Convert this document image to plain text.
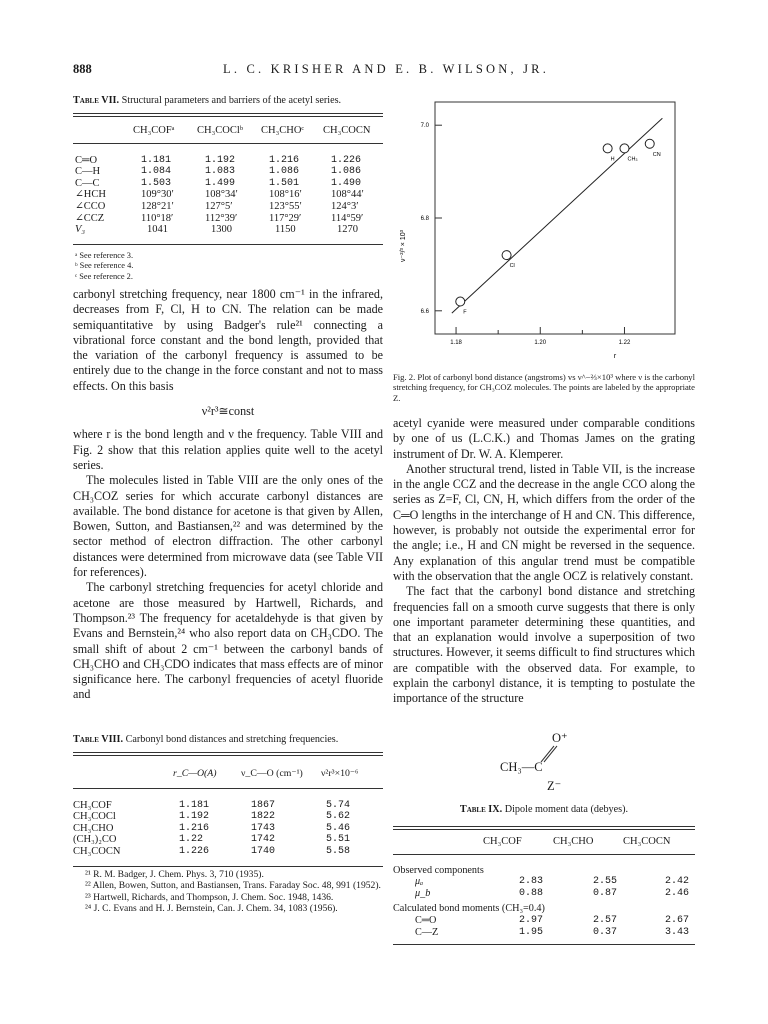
888	L. C. KRISHER AND E. B. WILSON, JR.
Table VII. Structural parameters and barriers of the acetyl series.
	CH₃COFᵃ	CH₃COClᵇ	CH₃CHOᶜ	CH₃COCN
C═O	1.181	1.192	1.216	1.226
C—H	1.084	1.083	1.086	1.086
C—C	1.503	1.499	1.501	1.490
∠HCH	109°30′	108°34′	108°16′	108°44′
∠CCO	128°21′	127°5′	123°55′	124°3′
∠CCZ	110°18′	112°39′	117°29′	114°59′
V₃	1041	1300	1150	1270
ᵃ See reference 3.
ᵇ See reference 4.
ᶜ See reference 2.

carbonyl stretching frequency, near 1800 cm⁻¹ in the infrared, decreases from F, Cl, H to CN. The relation can be made semiquantitative by using Badger's rule²¹ connecting a vibrational force constant and the bond length, provided that the variation of the carbonyl frequency is assumed to be entirely due to the change in the force constant and not to mass effects. On this basis

ν²r³≅const

where r is the bond length and ν the frequency. Table VIII and Fig. 2 show that this relation applies quite well to the acetyl series.

The molecules listed in Table VIII are the only ones of the CH₃COZ series for which accurate carbonyl distances are available. The bond distance for acetone is that given by Allen, Bowen, Sutton, and Bastiansen,²² and was determined by the sector method of electron diffraction. The other carbonyl distances were determined from microwave data (see Table VII for references).

The carbonyl stretching frequencies for acetyl chloride and acetone are those measured by Hartwell, Richards, and Thompson.²³ The frequency for acetaldehyde is that given by Evans and Bernstein,²⁴ who also report data on CH₃CDO. The small shift of about 2 cm⁻¹ between the carbonyl bands of CH₃CHO and CH₃CDO indicates that mass effects are of minor significance here. The carbonyl frequencies of acetyl fluoride and

Table VIII. Carbonyl bond distances and stretching frequencies.
	r_C—O(A)	ν_C—O (cm⁻¹)	ν²r³×10⁻⁶
CH₃COF	1.181	1867	5.74
CH₃COCl	1.192	1822	5.62
CH₃CHO	1.216	1743	5.46
(CH₃)₂CO	1.22	1742	5.51
CH₃COCN	1.226	1740	5.58

²¹ R. M. Badger, J. Chem. Phys. 3, 710 (1935).

²² Allen, Bowen, Sutton, and Bastiansen, Trans. Faraday Soc. 48, 991 (1952).

²³ Hartwell, Richards, and Thompson, J. Chem. Soc. 1948, 1436.

²⁴ J. C. Evans and H. J. Bernstein, Can. J. Chem. 34, 1083 (1956).

7.0
6.8
6.6
1.18	1.20	1.22
F
Cl
H CH₃
CN
ν⁻²/³ × 10³
r
Fig. 2. Plot of carbonyl bond distance (angstroms) vs ν^−⅔×10³ where ν is the carbonyl stretching frequency, for CH₃COZ molecules. The points are labeled by the appropriate Z.

acetyl cyanide were measured under comparable conditions by one of us (L.C.K.) and Thomas James on the grating instrument of Dr. W. A. Klemperer.

Another structural trend, listed in Table VII, is the increase in the angle CCZ and the decrease in the angle CCO along the series as Z=F, Cl, CN, H, which differs from the order of the C═O lengths in the interchange of H and CN. This difference, however, is probably not outside the experimental error for the angle; i.e., H and CN might be reversed in the sequence. Any explanation of this angular trend must be compatible with the observation that the angle OCZ is relatively constant.

The fact that the carbonyl bond distance and stretching frequencies fall on a smooth curve suggests that there is only one important parameter determining these quantities, and that an explanation would involve a superposition of two structures. However, it seems difficult to find structures which are compatible with the observed data. For example, to explain the carbonyl distance, it is tempting to postulate the importance of the structure

O⁺
CH₃—C
Z⁻
Table IX. Dipole moment data (debyes).
	CH₃COF	CH₃CHO	CH₃COCN
Observed components			
μₐ	2.83	2.55	2.42
μ_b	0.88	0.87	2.46
Calculated bond moments (CH₃=0.4)			
C═O	2.97	2.57	2.67
C—Z	1.95	0.37	3.43
